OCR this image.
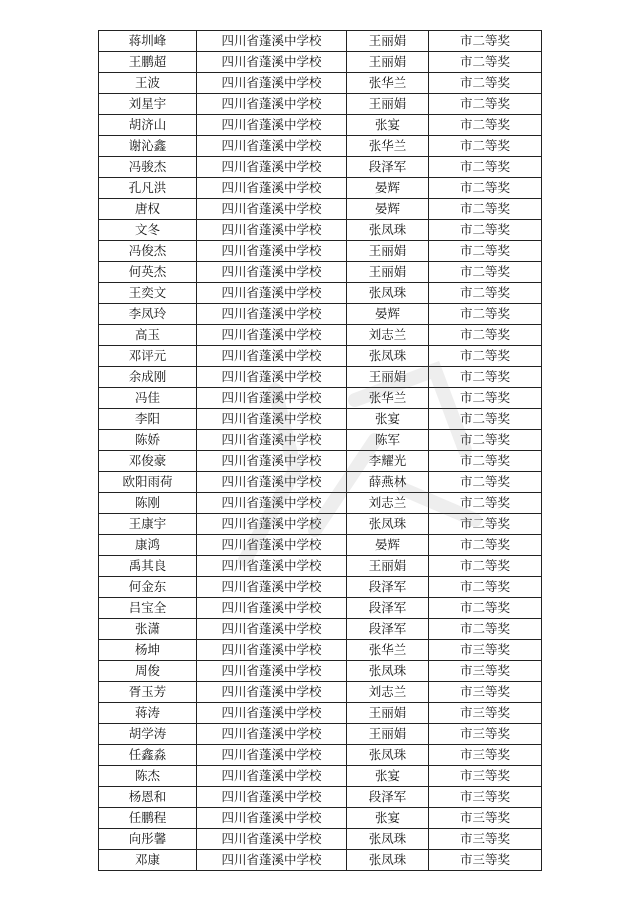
蒋圳峰	四川省蓬溪中学校	王丽娟	市二等奖
王鹏超	四川省蓬溪中学校	王丽娟	市二等奖
王波	四川省蓬溪中学校	张华兰	市二等奖
刘星宇	四川省蓬溪中学校	王丽娟	市二等奖
胡济山	四川省蓬溪中学校	张宴	市二等奖
谢沁鑫	四川省蓬溪中学校	张华兰	市二等奖
冯骏杰	四川省蓬溪中学校	段泽军	市二等奖
孔凡洪	四川省蓬溪中学校	晏辉	市二等奖
唐权	四川省蓬溪中学校	晏辉	市二等奖
文冬	四川省蓬溪中学校	张凤珠	市二等奖
冯俊杰	四川省蓬溪中学校	王丽娟	市二等奖
何英杰	四川省蓬溪中学校	王丽娟	市二等奖
王奕文	四川省蓬溪中学校	张凤珠	市二等奖
李凤玲	四川省蓬溪中学校	晏辉	市二等奖
高玉	四川省蓬溪中学校	刘志兰	市二等奖
邓评元	四川省蓬溪中学校	张凤珠	市二等奖
余成刚	四川省蓬溪中学校	王丽娟	市二等奖
冯佳	四川省蓬溪中学校	张华兰	市二等奖
李阳	四川省蓬溪中学校	张宴	市二等奖
陈娇	四川省蓬溪中学校	陈军	市二等奖
邓俊豪	四川省蓬溪中学校	李耀光	市二等奖
欧阳雨荷	四川省蓬溪中学校	薛燕林	市二等奖
陈刚	四川省蓬溪中学校	刘志兰	市二等奖
王康宇	四川省蓬溪中学校	张凤珠	市二等奖
康鸿	四川省蓬溪中学校	晏辉	市二等奖
禹其良	四川省蓬溪中学校	王丽娟	市二等奖
何金东	四川省蓬溪中学校	段泽军	市二等奖
吕宝全	四川省蓬溪中学校	段泽军	市二等奖
张潇	四川省蓬溪中学校	段泽军	市二等奖
杨坤	四川省蓬溪中学校	张华兰	市三等奖
周俊	四川省蓬溪中学校	张凤珠	市三等奖
胥玉芳	四川省蓬溪中学校	刘志兰	市三等奖
蒋涛	四川省蓬溪中学校	王丽娟	市三等奖
胡学涛	四川省蓬溪中学校	王丽娟	市三等奖
任鑫淼	四川省蓬溪中学校	张凤珠	市三等奖
陈杰	四川省蓬溪中学校	张宴	市三等奖
杨恩和	四川省蓬溪中学校	段泽军	市三等奖
任鹏程	四川省蓬溪中学校	张宴	市三等奖
向彤馨	四川省蓬溪中学校	张凤珠	市三等奖
邓康	四川省蓬溪中学校	张凤珠	市三等奖
